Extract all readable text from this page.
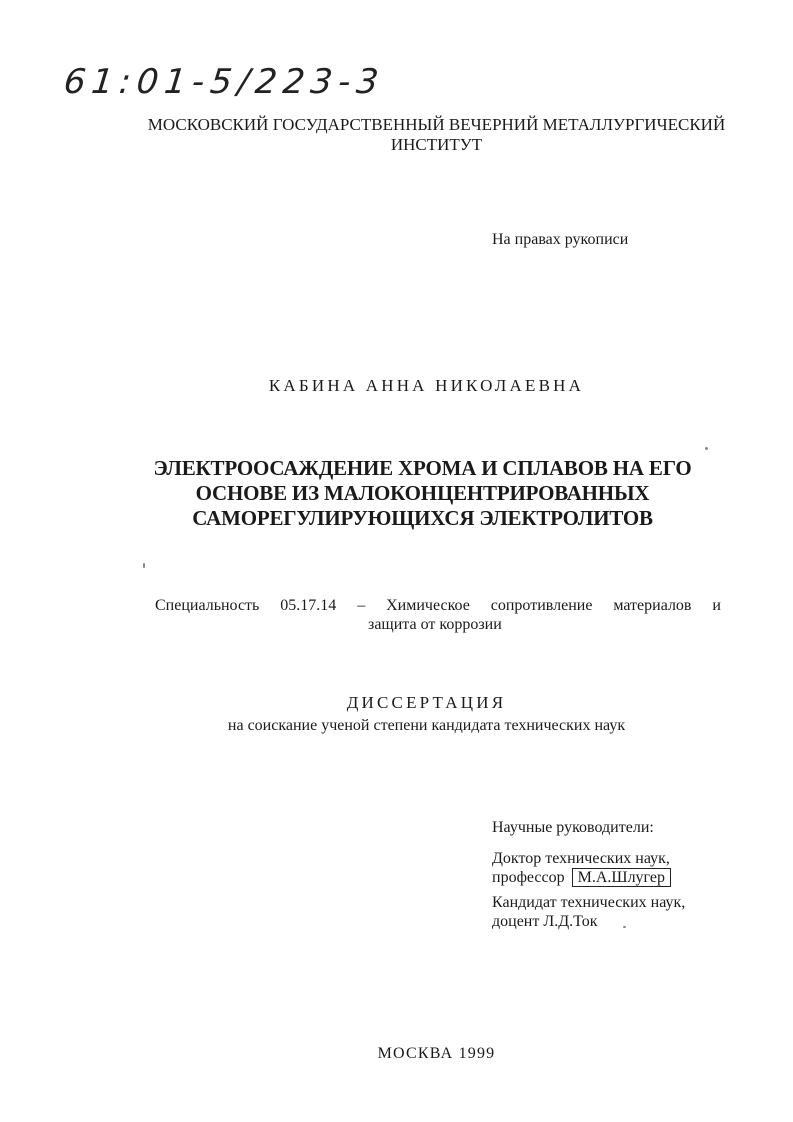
61:01-5/223-3
МОСКОВСКИЙ ГОСУДАРСТВЕННЫЙ ВЕЧЕРНИЙ МЕТАЛЛУРГИЧЕСКИЙ
ИНСТИТУТ
На правах рукописи
КАБИНА АННА НИКОЛАЕВНА
ЭЛЕКТРООСАЖДЕНИЕ ХРОМА И СПЛАВОВ НА ЕГО
ОСНОВЕ ИЗ МАЛОКОНЦЕНТРИРОВАННЫХ
САМОРЕГУЛИРУЮЩИХСЯ ЭЛЕКТРОЛИТОВ
Специальность 05.17.14 – Химическое сопротивление материалов и
защита от коррозии
ДИССЕРТАЦИЯ
на соискание ученой степени кандидата технических наук
Научные руководители:
Доктор технических наук,
профессор М.А.Шлугер
Кандидат технических наук,
доцент Л.Д.Ток
МОСКВА 1999
